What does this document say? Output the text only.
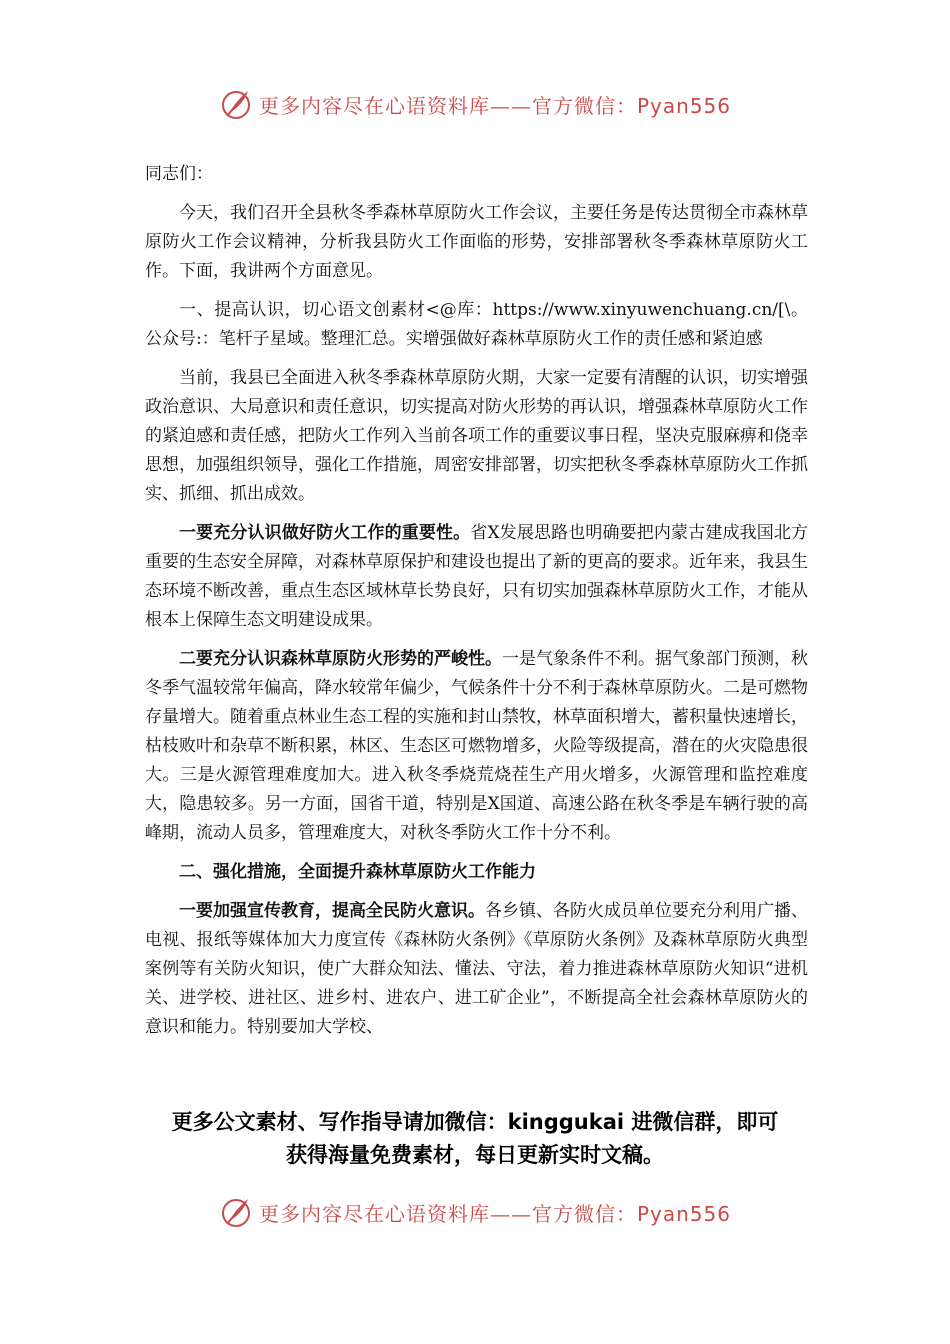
更多内容尽在心语资料库——官方微信：Pyan556

同志们：

今天，我们召开全县秋冬季森林草原防火工作会议，主要任务是传达贯彻全市森林草原防火工作会议精神，分析我县防火工作面临的形势，安排部署秋冬季森林草原防火工作。下面，我讲两个方面意见。

一、提高认识，切心语文创素材<@库：https://www.xinyuwenchuang.cn/[\。公众号:：笔杆子星域。整理汇总。实增强做好森林草原防火工作的责任感和紧迫感

当前，我县已全面进入秋冬季森林草原防火期，大家一定要有清醒的认识，切实增强政治意识、大局意识和责任意识，切实提高对防火形势的再认识，增强森林草原防火工作的紧迫感和责任感，把防火工作列入当前各项工作的重要议事日程，坚决克服麻痹和侥幸思想，加强组织领导，强化工作措施，周密安排部署，切实把秋冬季森林草原防火工作抓实、抓细、抓出成效。

一要充分认识做好防火工作的重要性。省X发展思路也明确要把内蒙古建成我国北方重要的生态安全屏障，对森林草原保护和建设也提出了新的更高的要求。近年来，我县生态环境不断改善，重点生态区域林草长势良好，只有切实加强森林草原防火工作，才能从根本上保障生态文明建设成果。

二要充分认识森林草原防火形势的严峻性。一是气象条件不利。据气象部门预测，秋冬季气温较常年偏高，降水较常年偏少，气候条件十分不利于森林草原防火。二是可燃物存量增大。随着重点林业生态工程的实施和封山禁牧，林草面积增大，蓄积量快速增长，枯枝败叶和杂草不断积累，林区、生态区可燃物增多，火险等级提高，潜在的火灾隐患很大。三是火源管理难度加大。进入秋冬季烧荒烧茬生产用火增多，火源管理和监控难度大，隐患较多。另一方面，国省干道，特别是X国道、高速公路在秋冬季是车辆行驶的高峰期，流动人员多，管理难度大，对秋冬季防火工作十分不利。

二、强化措施，全面提升森林草原防火工作能力

一要加强宣传教育，提高全民防火意识。各乡镇、各防火成员单位要充分利用广播、电视、报纸等媒体加大力度宣传《森林防火条例》《草原防火条例》及森林草原防火典型案例等有关防火知识，使广大群众知法、懂法、守法，着力推进森林草原防火知识“进机关、进学校、进社区、进乡村、进农户、进工矿企业”，不断提高全社会森林草原防火的意识和能力。特别要加大学校、

更多公文素材、写作指导请加微信：kinggukai 进微信群，即可
获得海量免费素材，每日更新实时文稿。
更多内容尽在心语资料库——官方微信：Pyan556
